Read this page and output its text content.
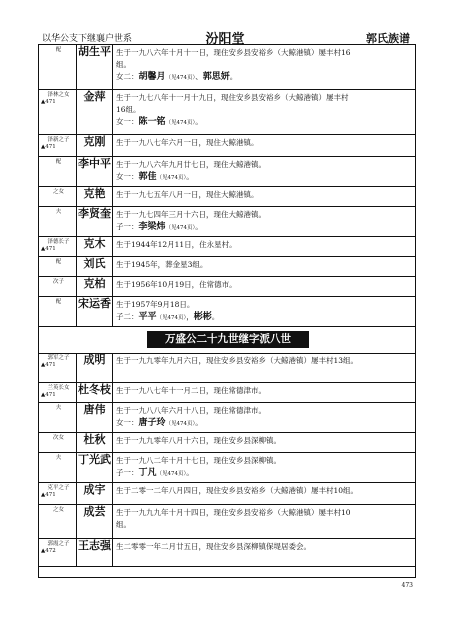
以华公支下继襄户世系	汾阳堂	郭氏族谱
配	胡生平 生于一九八六年十月十一日，现住安乡县安裕乡（大鲸港镇）屡丰村16
组。
女二：胡馨月（见474页）、郭思妍。
泽林之女
▲471	金萍	生于一九七八年十一月十九日，现住安乡县安裕乡（大鲸港镇）屡丰村
16组。
女一：陈一铭（见474页）。
泽新之子
▲471	克刚	生于一九八七年六月一日，现住大鲸港镇。
配	李中平 生于一九八六年九月廿七日，现住大鲸港镇。
女一：郭佳（见474页）。
之女	克艳	生于一九七五年八月一日，现住大鲸港镇。
夫	李贤奎 生于一九七四年三月十六日，现住大鲸港镇。
子一：李梁炜（见474页）。
泽德长子
▲471	克木	生于1944年12月11日，住永星村。
配	刘氏	生于1945年，葬金星3组。
次子	克柏	生于1956年10月19日，住常德市。
配	宋运香 生于1957年9月18日。
子二：平平（见474页），彬彬。
万盛公二十九世继字派八世
郭军之子
▲471	成明	生于一九九零年九月六日，现住安乡县安裕乡（大鲸港镇）屡丰村13组。
兰英长女
▲471	杜冬枝 生于一九八七年十一月二日，现住常德津市。
夫	唐伟	生于一九八八年六月十八日，现住常德津市。
女一：唐子玲（见474页）。
次女	杜秋	生于一九九零年八月十六日，现住安乡县深柳镇。
夫	丁光武 生于一九八二年十月十七日，现住安乡县深柳镇。
子一：丁凡（见474页）。
克平之子
▲471	成宇	生于二零一二年八月四日，现住安乡县安裕乡（大鲸港镇）屡丰村10组。
之女	成芸	生于一九九九年十月十四日，现住安乡县安裕乡（大鲸港镇）屡丰村10
组。
郭霞之子
▲472	王志强 生二零零一年二月廿五日，现住安乡县深柳镇保堤居委会。
473
